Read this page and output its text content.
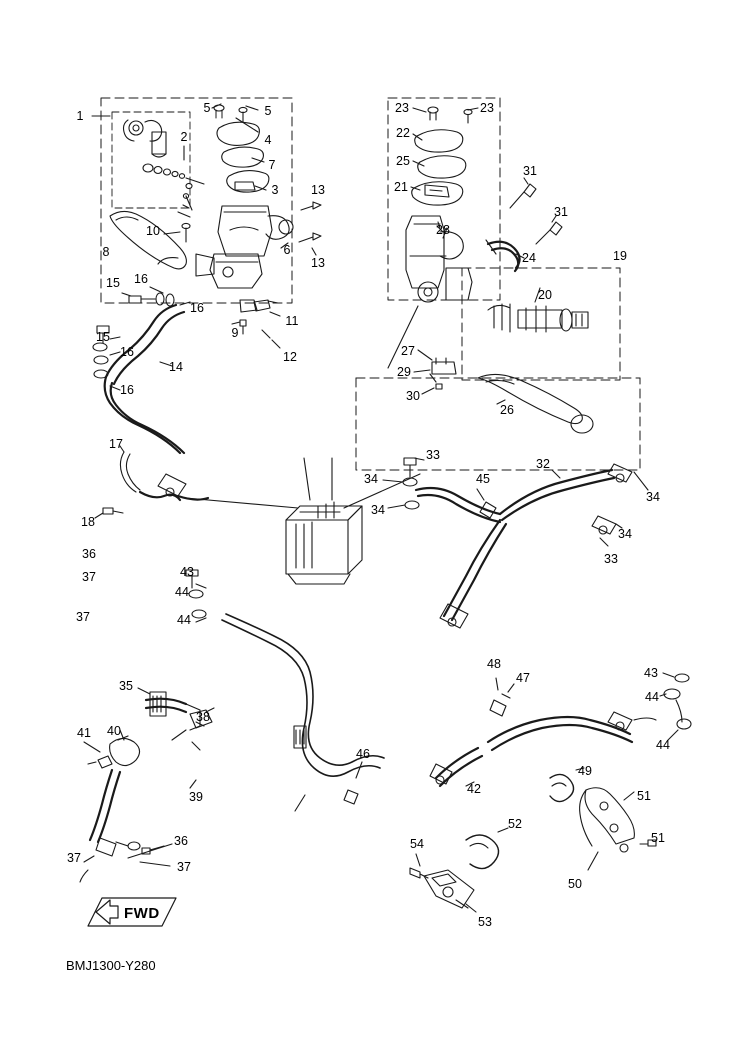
FWD
BMJ1300-Y280
1
5	5
4
2
7
3	13
13
8
10
6
15 16
16
9
11
12
15
16
16
14
17
18
23	23
22
25
21
28
31
31
24	19
20
27
29
30
26
33
34
34
45
32
34
34
33
36
37
37
43
44
44
48
47	43
44
44
35
38
41 40
39
46
42
49
51
51
50
52
54
53
36
37
37
